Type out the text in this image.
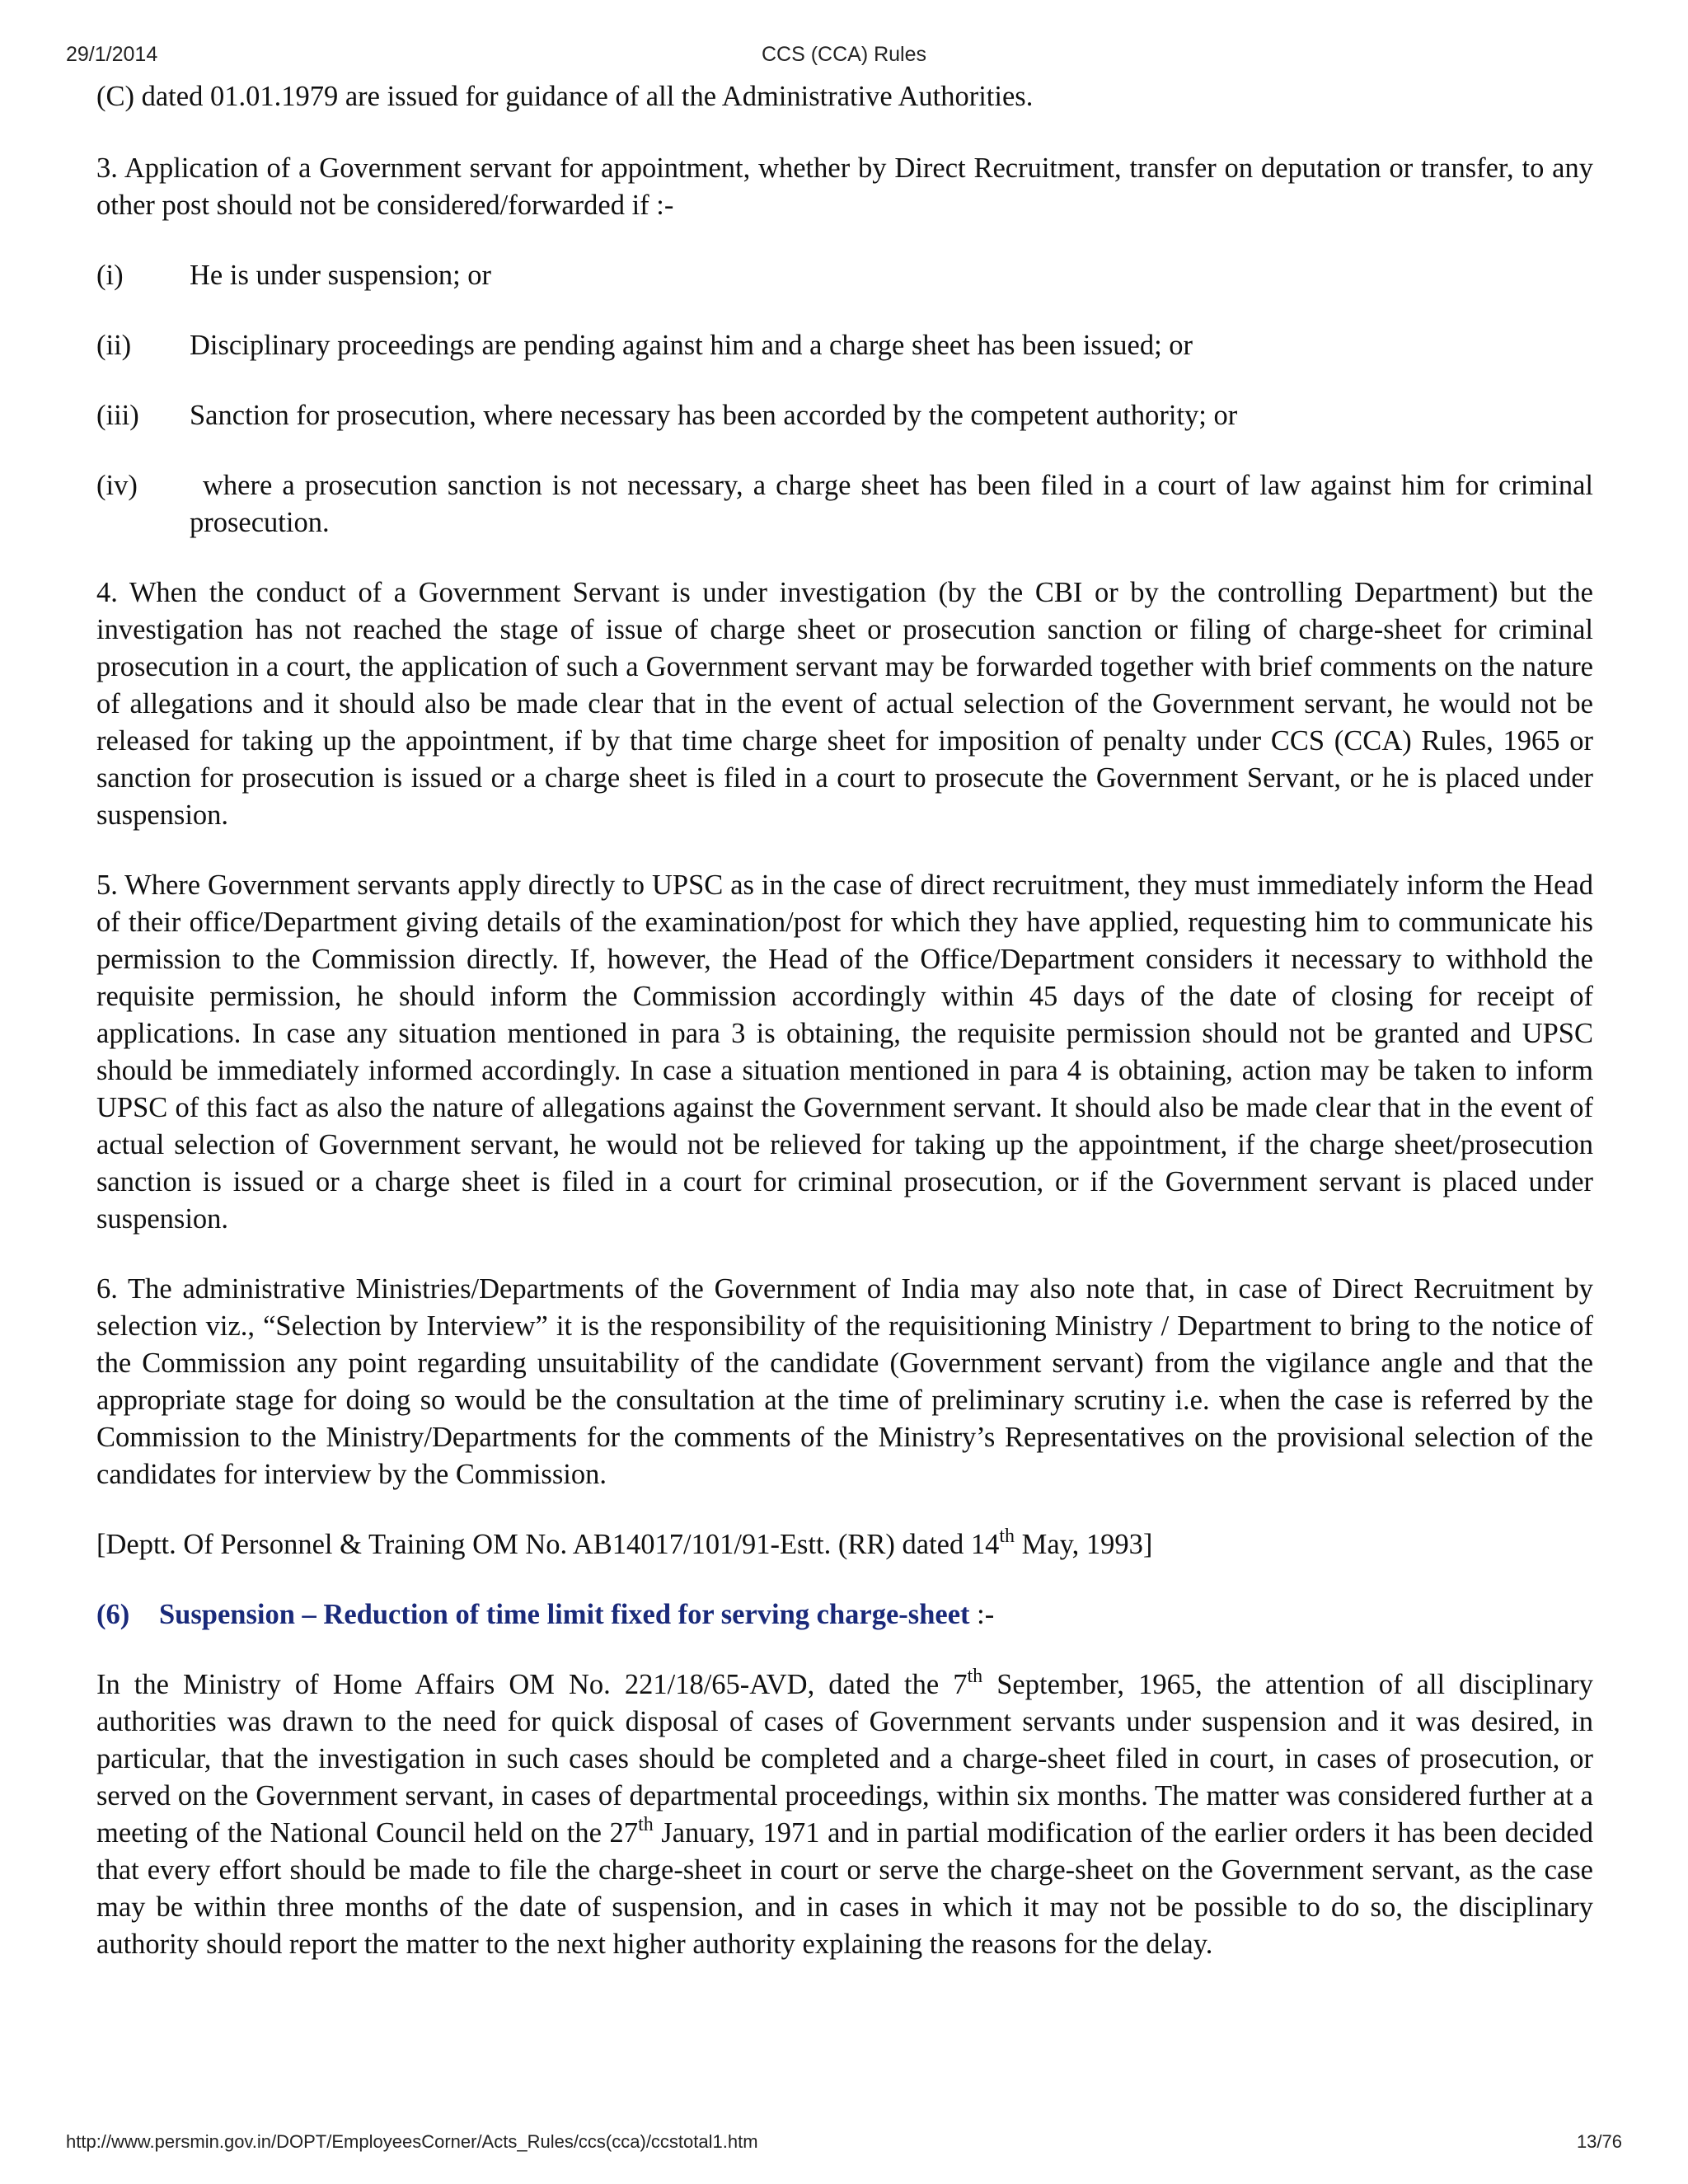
29/1/2014	CCS (CCA) Rules

(C) dated 01.01.1979 are issued for guidance of all the Administrative Authorities.

3. Application of a Government servant for appointment, whether by Direct Recruitment, transfer on deputation or transfer, to any other post should not be considered/forwarded if :-

(i)	He is under suspension; or
(ii)	Disciplinary proceedings are pending against him and a charge sheet has been issued; or
(iii)	Sanction for prosecution, where necessary has been accorded by the competent authority; or
(iv)	where a prosecution sanction is not necessary, a charge sheet has been filed in a court of law against him for criminal prosecution.

4. When the conduct of a Government Servant is under investigation (by the CBI or by the controlling Department) but the investigation has not reached the stage of issue of charge sheet or prosecution sanction or filing of charge-sheet for criminal prosecution in a court, the application of such a Government servant may be forwarded together with brief comments on the nature of allegations and it should also be made clear that in the event of actual selection of the Government servant, he would not be released for taking up the appointment, if by that time charge sheet for imposition of penalty under CCS (CCA) Rules, 1965 or sanction for prosecution is issued or a charge sheet is filed in a court to prosecute the Government Servant, or he is placed under suspension.

5. Where Government servants apply directly to UPSC as in the case of direct recruitment, they must immediately inform the Head of their office/Department giving details of the examination/post for which they have applied, requesting him to communicate his permission to the Commission directly. If, however, the Head of the Office/Department considers it necessary to withhold the requisite permission, he should inform the Commission accordingly within 45 days of the date of closing for receipt of applications. In case any situation mentioned in para 3 is obtaining, the requisite permission should not be granted and UPSC should be immediately informed accordingly. In case a situation mentioned in para 4 is obtaining, action may be taken to inform UPSC of this fact as also the nature of allegations against the Government servant. It should also be made clear that in the event of actual selection of Government servant, he would not be relieved for taking up the appointment, if the charge sheet/prosecution sanction is issued or a charge sheet is filed in a court for criminal prosecution, or if the Government servant is placed under suspension.

6. The administrative Ministries/Departments of the Government of India may also note that, in case of Direct Recruitment by selection viz., “Selection by Interview” it is the responsibility of the requisitioning Ministry / Department to bring to the notice of the Commission any point regarding unsuitability of the candidate (Government servant) from the vigilance angle and that the appropriate stage for doing so would be the consultation at the time of preliminary scrutiny i.e. when the case is referred by the Commission to the Ministry/Departments for the comments of the Ministry’s Representatives on the provisional selection of the candidates for interview by the Commission.

[Deptt. Of Personnel & Training OM No. AB14017/101/91-Estt. (RR) dated 14th May, 1993]

(6) Suspension – Reduction of time limit fixed for serving charge-sheet :-

In the Ministry of Home Affairs OM No. 221/18/65-AVD, dated the 7th September, 1965, the attention of all disciplinary authorities was drawn to the need for quick disposal of cases of Government servants under suspension and it was desired, in particular, that the investigation in such cases should be completed and a charge-sheet filed in court, in cases of prosecution, or served on the Government servant, in cases of departmental proceedings, within six months. The matter was considered further at a meeting of the National Council held on the 27th January, 1971 and in partial modification of the earlier orders it has been decided that every effort should be made to file the charge-sheet in court or serve the charge-sheet on the Government servant, as the case may be within three months of the date of suspension, and in cases in which it may not be possible to do so, the disciplinary authority should report the matter to the next higher authority explaining the reasons for the delay.

http://www.persmin.gov.in/DOPT/EmployeesCorner/Acts_Rules/ccs(cca)/ccstotal1.htm	13/76
